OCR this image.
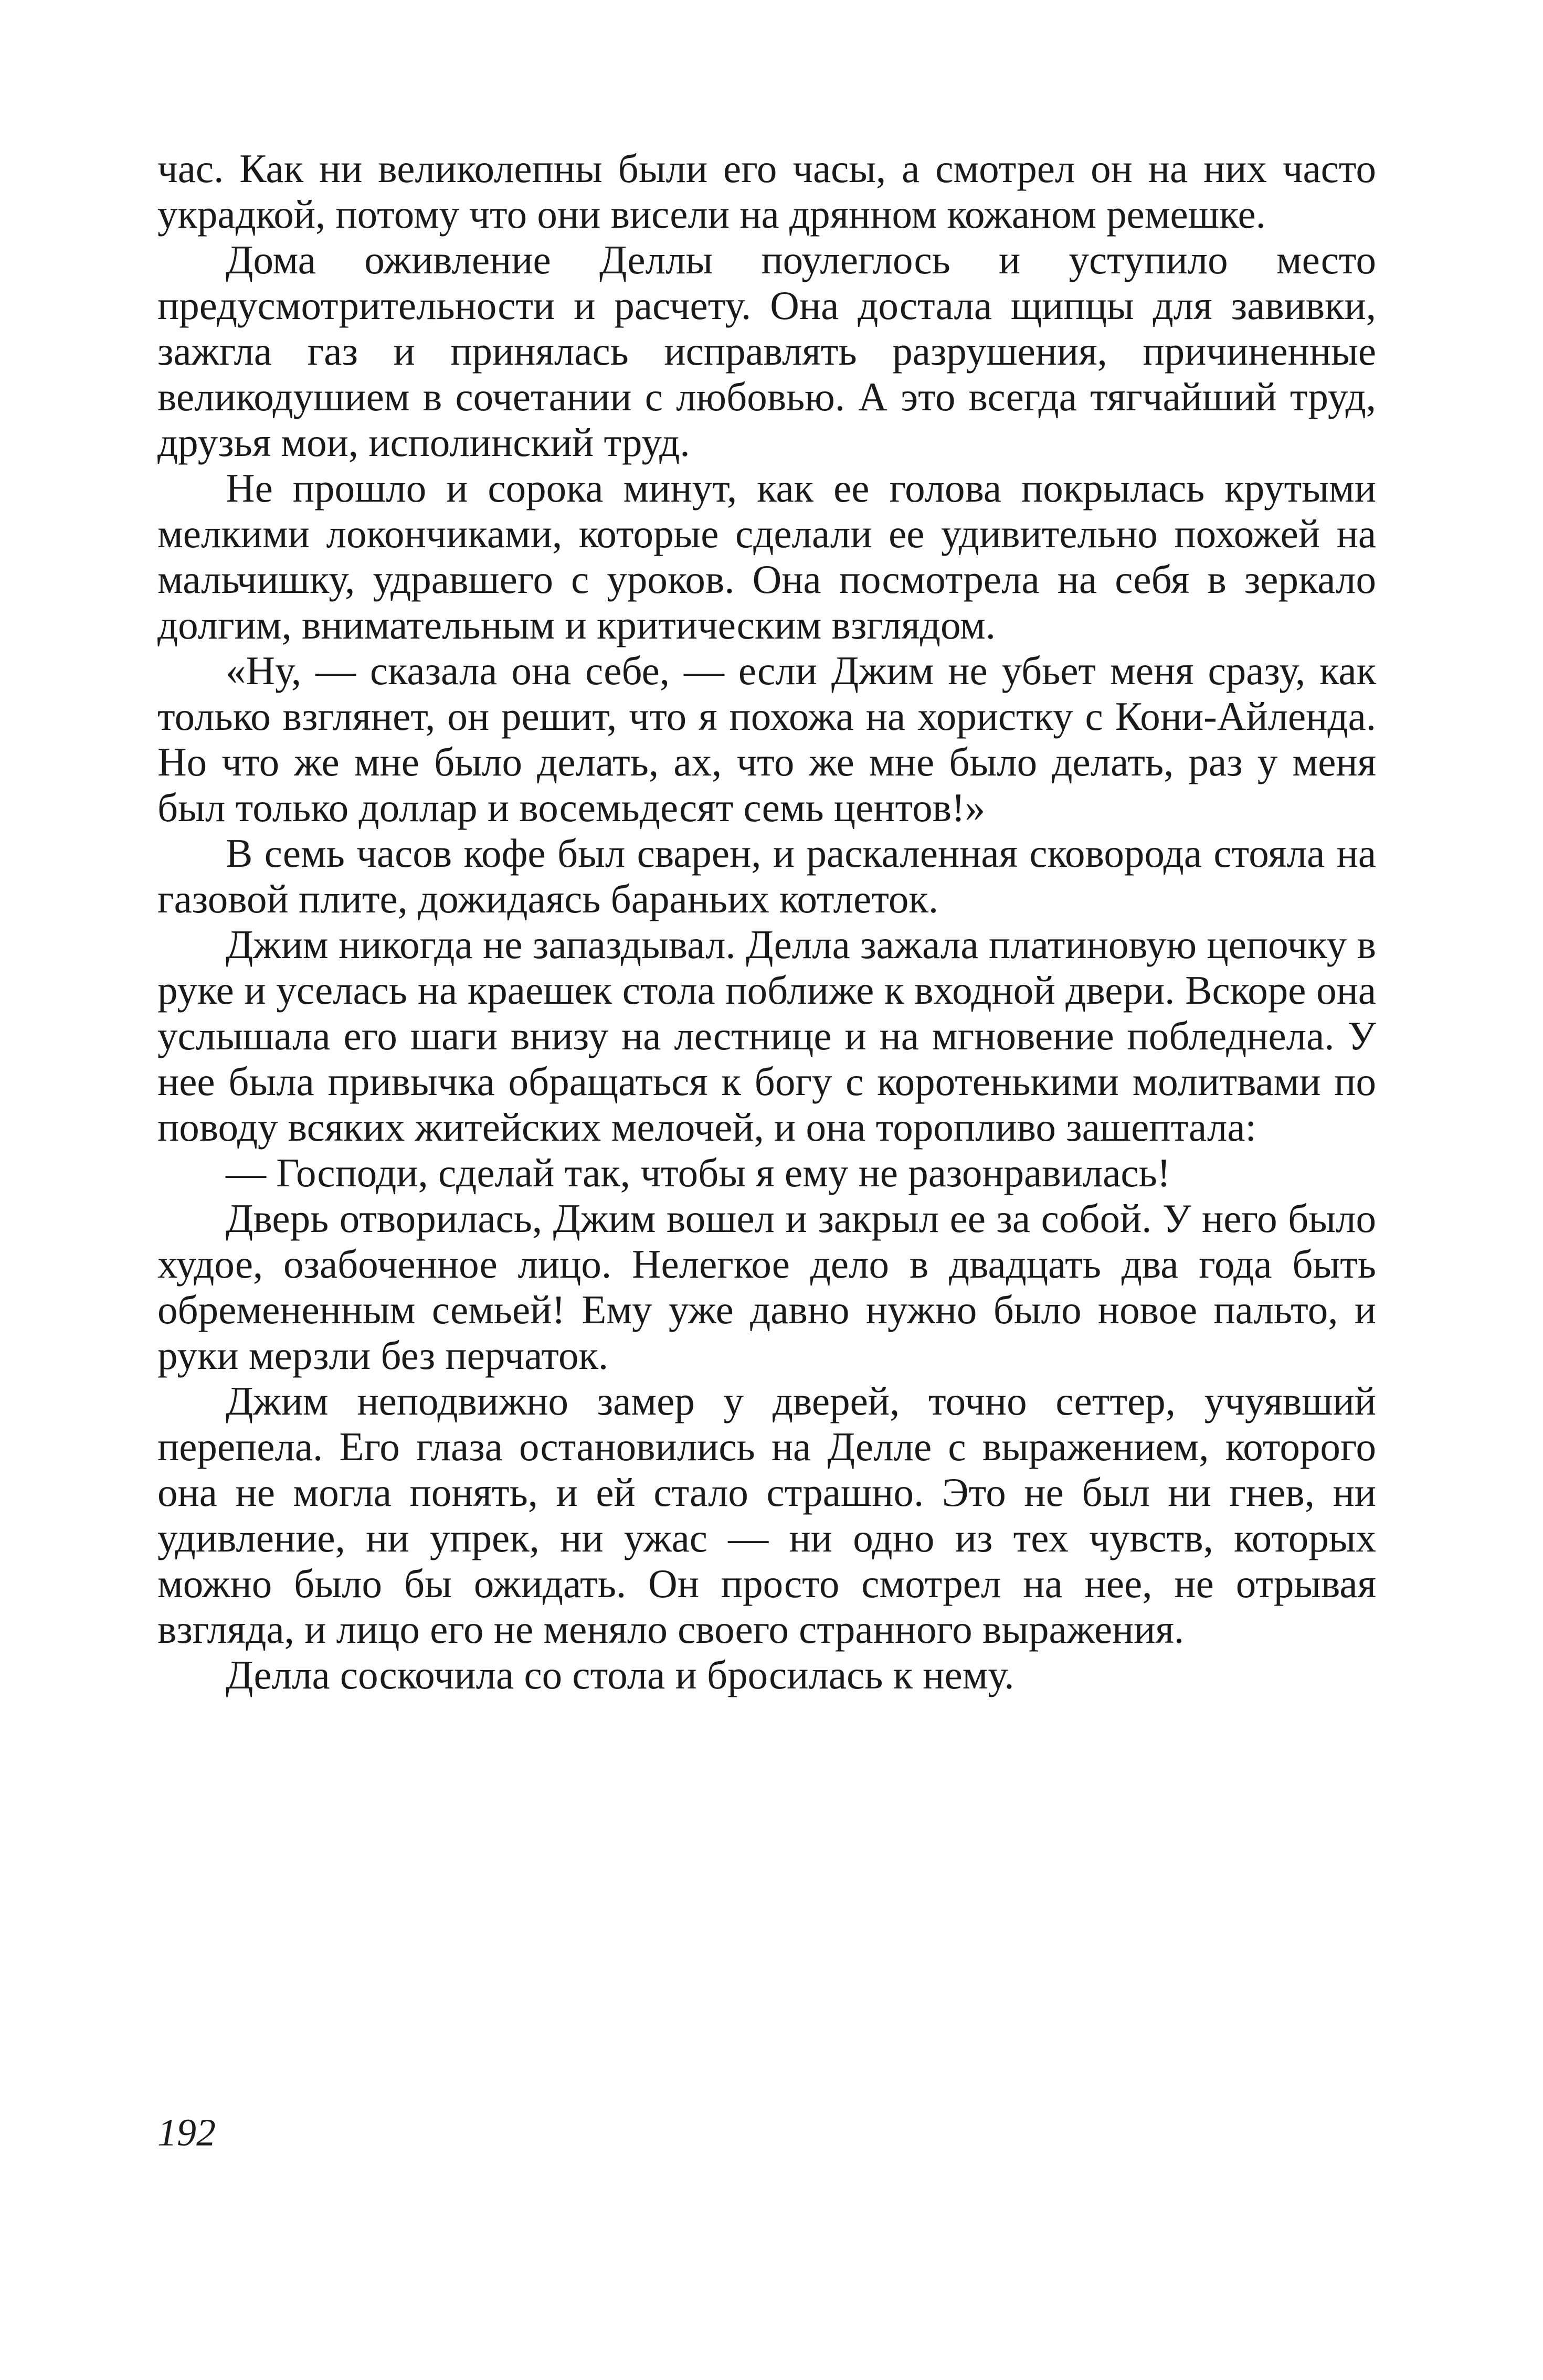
час. Как ни великолепны были его часы, а смотрел он на них часто украдкой, потому что они висели на дрянном кожаном ремешке.

Дома оживление Деллы поулеглось и уступило место предусмотрительности и расчету. Она достала щипцы для завивки, зажгла газ и принялась исправлять разрушения, причиненные великодушием в сочетании с любовью. А это всегда тягчайший труд, друзья мои, исполинский труд.

Не прошло и сорока минут, как ее голова покрылась крутыми мелкими локончиками, которые сделали ее удивительно похожей на мальчишку, удравшего с уроков. Она посмотрела на себя в зеркало долгим, внимательным и критическим взглядом.

«Ну, — сказала она себе, — если Джим не убьет меня сразу, как только взглянет, он решит, что я похожа на хористку с Кони-Айленда. Но что же мне было делать, ах, что же мне было делать, раз у меня был только доллар и восемьдесят семь центов!»

В семь часов кофе был сварен, и раскаленная сковорода стояла на газовой плите, дожидаясь бараньих котлеток.

Джим никогда не запаздывал. Делла зажала платиновую цепочку в руке и уселась на краешек стола поближе к входной двери. Вскоре она услышала его шаги внизу на лестнице и на мгновение побледнела. У нее была привычка обращаться к богу с коротенькими молитвами по поводу всяких житейских мелочей, и она торопливо зашептала:

— Господи, сделай так, чтобы я ему не разонравилась!

Дверь отворилась, Джим вошел и закрыл ее за собой. У него было худое, озабоченное лицо. Нелегкое дело в двадцать два года быть обремененным семьей! Ему уже давно нужно было новое пальто, и руки мерзли без перчаток.

Джим неподвижно замер у дверей, точно сеттер, учуявший перепела. Его глаза остановились на Делле с выражением, которого она не могла понять, и ей стало страшно. Это не был ни гнев, ни удивление, ни упрек, ни ужас — ни одно из тех чувств, которых можно было бы ожидать. Он просто смотрел на нее, не отрывая взгляда, и лицо его не меняло своего странного выражения.

Делла соскочила со стола и бросилась к нему.

192
